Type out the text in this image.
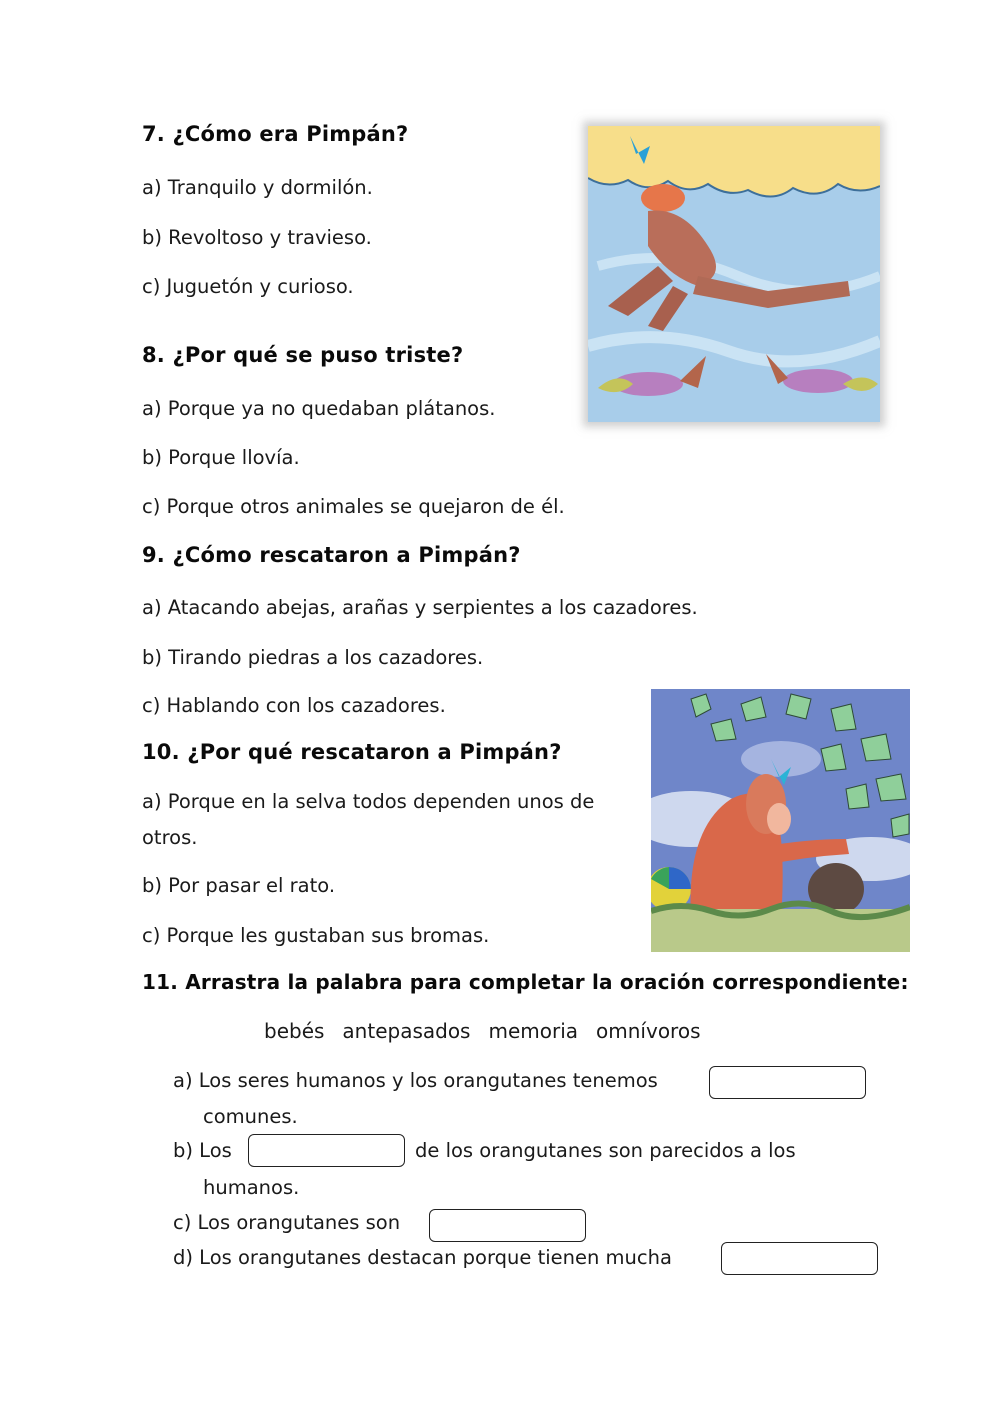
7. ¿Cómo era Pimpán?
a) Tranquilo y dormilón.
b) Revoltoso y travieso.
c) Juguetón y curioso.
8. ¿Por qué se puso triste?
a) Porque ya no quedaban plátanos.
b) Porque llovía.
c) Porque otros animales se quejaron de él.
9. ¿Cómo rescataron a Pimpán?
a) Atacando abejas, arañas y serpientes a los cazadores.
b) Tirando piedras a los cazadores.
c) Hablando con los cazadores.
10. ¿Por qué rescataron a Pimpán?
a) Porque en la selva todos dependen unos de otros.
b) Por pasar el rato.
c) Porque les gustaban sus bromas.
11. Arrastra la palabra para completar la oración correspondiente:
bebés antepasados memoria omnívoros
a) Los seres humanos y los orangutanes tenemos
comunes.
b) Los	de los orangutanes son parecidos a los
humanos.
c) Los orangutanes son
d) Los orangutanes destacan porque tienen mucha
